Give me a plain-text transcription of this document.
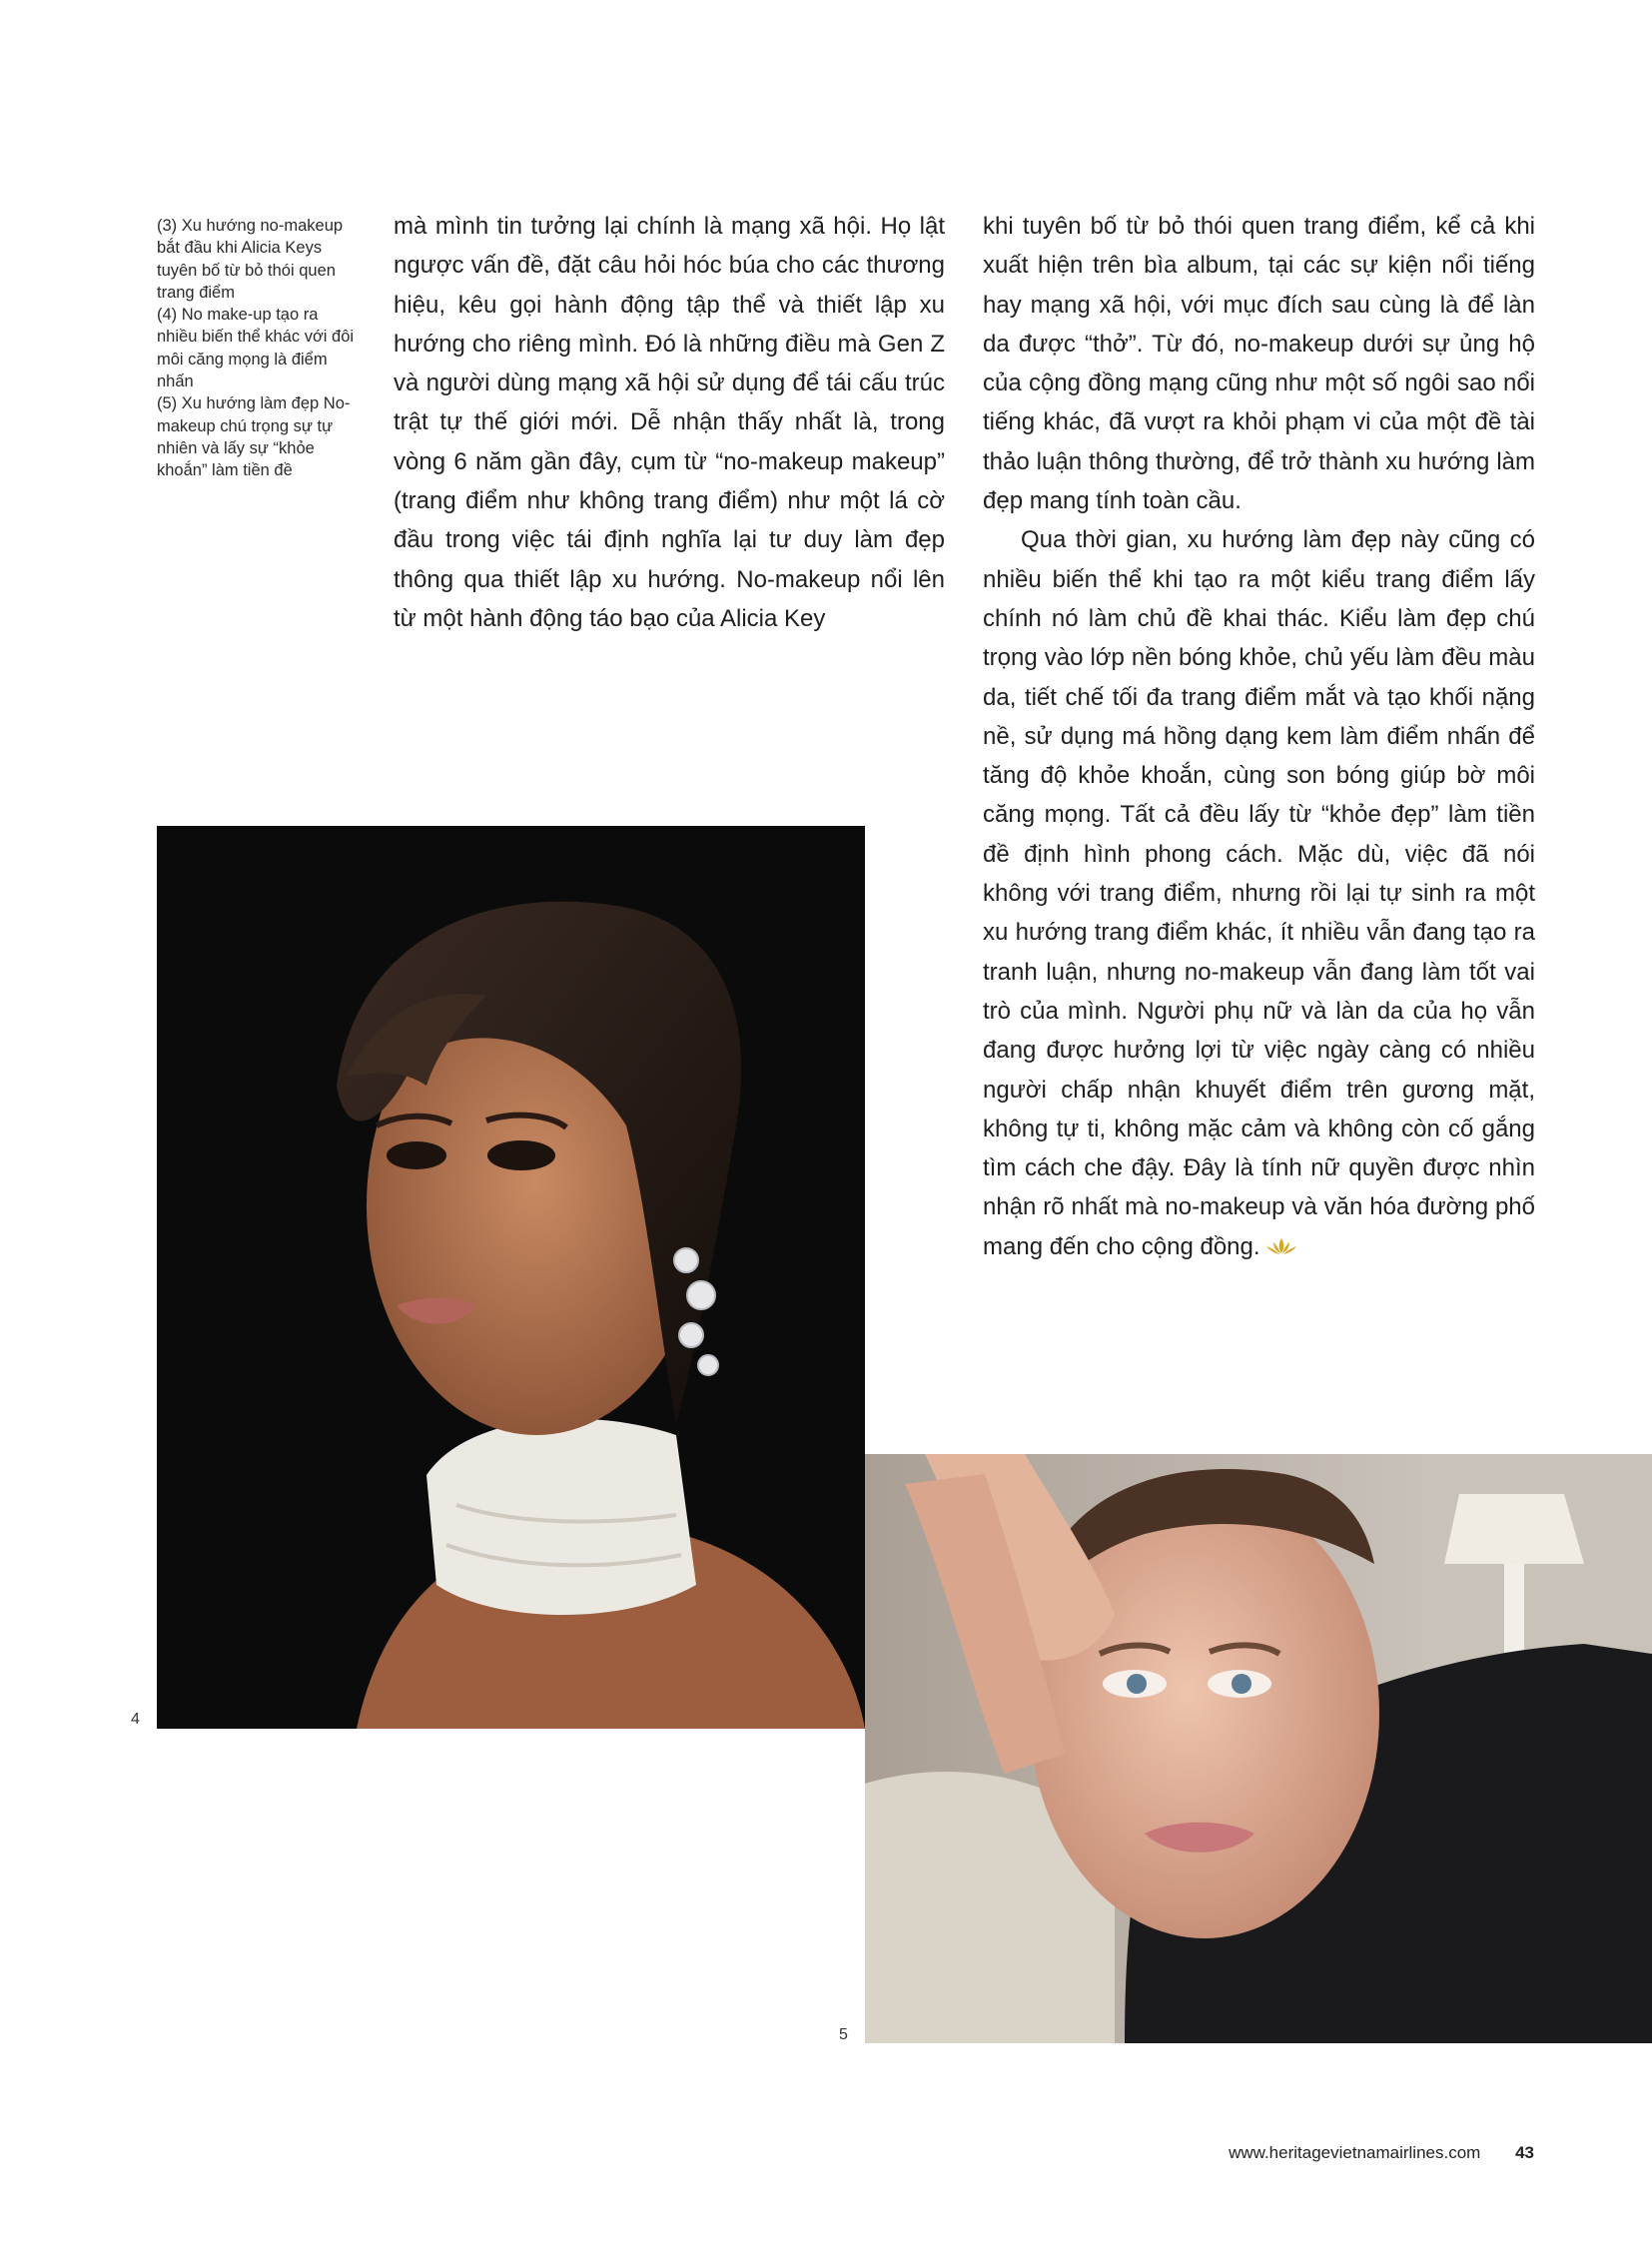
(3) Xu hướng no-makeup bắt đầu khi Alicia Keys tuyên bố từ bỏ thói quen trang điểm

(4) No make-up tạo ra nhiều biến thể khác với đôi môi căng mọng là điểm nhấn

(5) Xu hướng làm đẹp No-makeup chú trọng sự tự nhiên và lấy sự “khỏe khoắn” làm tiền đề

mà mình tin tưởng lại chính là mạng xã hội. Họ lật ngược vấn đề, đặt câu hỏi hóc búa cho các thương hiệu, kêu gọi hành động tập thể và thiết lập xu hướng cho riêng mình. Đó là những điều mà Gen Z và người dùng mạng xã hội sử dụng để tái cấu trúc trật tự thế giới mới. Dễ nhận thấy nhất là, trong vòng 6 năm gần đây, cụm từ “no-makeup makeup” (trang điểm như không trang điểm) như một lá cờ đầu trong việc tái định nghĩa lại tư duy làm đẹp thông qua thiết lập xu hướng. No-makeup nổi lên từ một hành động táo bạo của Alicia Key

khi tuyên bố từ bỏ thói quen trang điểm, kể cả khi xuất hiện trên bìa album, tại các sự kiện nổi tiếng hay mạng xã hội, với mục đích sau cùng là để làn da được “thở”. Từ đó, no-makeup dưới sự ủng hộ của cộng đồng mạng cũng như một số ngôi sao nổi tiếng khác, đã vượt ra khỏi phạm vi của một đề tài thảo luận thông thường, để trở thành xu hướng làm đẹp mang tính toàn cầu.

Qua thời gian, xu hướng làm đẹp này cũng có nhiều biến thể khi tạo ra một kiểu trang điểm lấy chính nó làm chủ đề khai thác. Kiểu làm đẹp chú trọng vào lớp nền bóng khỏe, chủ yếu làm đều màu da, tiết chế tối đa trang điểm mắt và tạo khối nặng nề, sử dụng má hồng dạng kem làm điểm nhấn để tăng độ khỏe khoắn, cùng son bóng giúp bờ môi căng mọng. Tất cả đều lấy từ “khỏe đẹp” làm tiền đề định hình phong cách. Mặc dù, việc đã nói không với trang điểm, nhưng rồi lại tự sinh ra một xu hướng trang điểm khác, ít nhiều vẫn đang tạo ra tranh luận, nhưng no-makeup vẫn đang làm tốt vai trò của mình. Người phụ nữ và làn da của họ vẫn đang được hưởng lợi từ việc ngày càng có nhiều người chấp nhận khuyết điểm trên gương mặt, không tự ti, không mặc cảm và không còn cố gắng tìm cách che đậy. Đây là tính nữ quyền được nhìn nhận rõ nhất mà no-makeup và văn hóa đường phố mang đến cho cộng đồng.

4
5
www.heritagevietnamairlines.com 43
